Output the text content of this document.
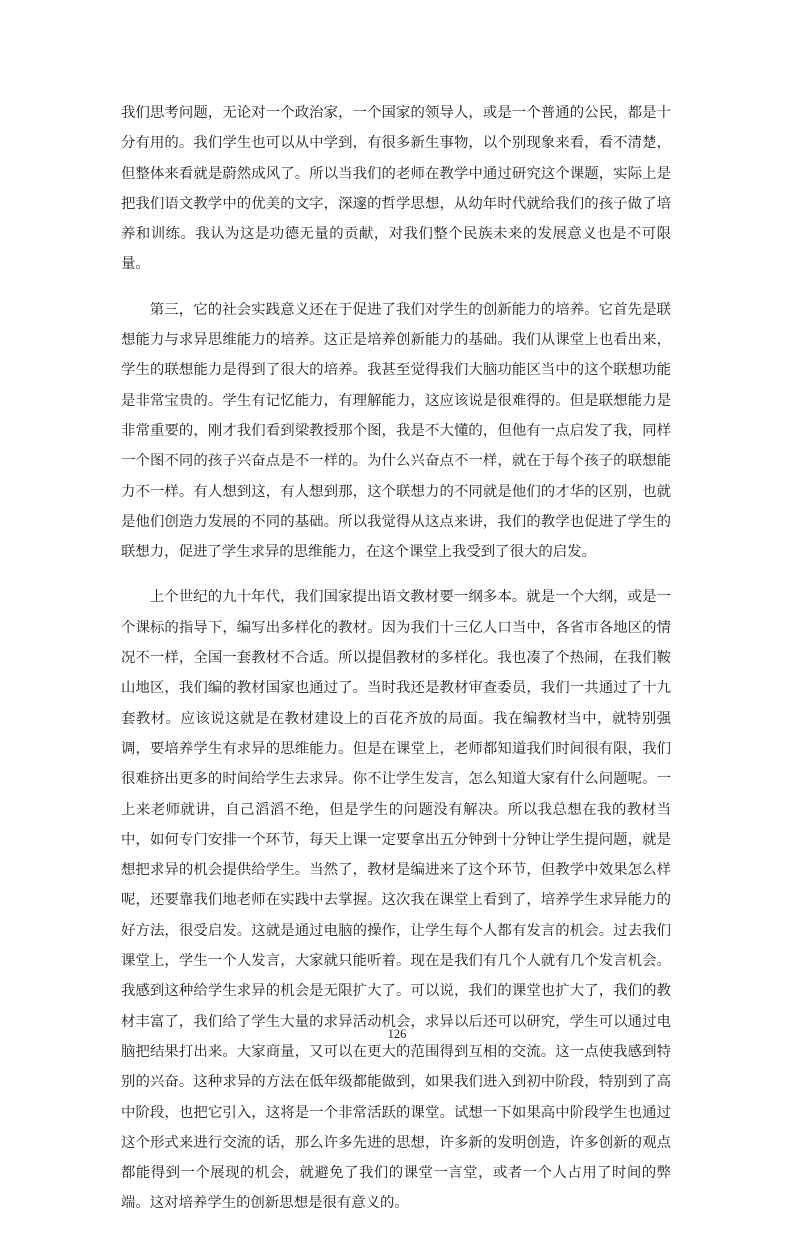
我们思考问题，无论对一个政治家，一个国家的领导人，或是一个普通的公民，都是十分有用的。我们学生也可以从中学到，有很多新生事物，以个别现象来看，看不清楚，但整体来看就是蔚然成风了。所以当我们的老师在教学中通过研究这个课题，实际上是把我们语文教学中的优美的文字，深邃的哲学思想，从幼年时代就给我们的孩子做了培养和训练。我认为这是功德无量的贡献，对我们整个民族未来的发展意义也是不可限量。

第三，它的社会实践意义还在于促进了我们对学生的创新能力的培养。它首先是联想能力与求异思维能力的培养。这正是培养创新能力的基础。我们从课堂上也看出来，学生的联想能力是得到了很大的培养。我甚至觉得我们大脑功能区当中的这个联想功能是非常宝贵的。学生有记忆能力，有理解能力，这应该说是很难得的。但是联想能力是非常重要的，刚才我们看到梁教授那个图，我是不大懂的，但他有一点启发了我，同样一个图不同的孩子兴奋点是不一样的。为什么兴奋点不一样，就在于每个孩子的联想能力不一样。有人想到这，有人想到那，这个联想力的不同就是他们的才华的区别，也就是他们创造力发展的不同的基础。所以我觉得从这点来讲，我们的教学也促进了学生的联想力，促进了学生求异的思维能力，在这个课堂上我受到了很大的启发。

上个世纪的九十年代，我们国家提出语文教材要一纲多本。就是一个大纲，或是一个课标的指导下，编写出多样化的教材。因为我们十三亿人口当中，各省市各地区的情况不一样，全国一套教材不合适。所以提倡教材的多样化。我也凑了个热闹，在我们鞍山地区，我们编的教材国家也通过了。当时我还是教材审查委员，我们一共通过了十九套教材。应该说这就是在教材建设上的百花齐放的局面。我在编教材当中，就特别强调，要培养学生有求异的思维能力。但是在课堂上，老师都知道我们时间很有限，我们很难挤出更多的时间给学生去求异。你不让学生发言，怎么知道大家有什么问题呢。一上来老师就讲，自己滔滔不绝，但是学生的问题没有解决。所以我总想在我的教材当中，如何专门安排一个环节，每天上课一定要拿出五分钟到十分钟让学生提问题，就是想把求异的机会提供给学生。当然了，教材是编进来了这个环节，但教学中效果怎么样呢，还要靠我们地老师在实践中去掌握。这次我在课堂上看到了，培养学生求异能力的好方法，很受启发。这就是通过电脑的操作，让学生每个人都有发言的机会。过去我们课堂上，学生一个人发言，大家就只能听着。现在是我们有几个人就有几个发言机会。我感到这种给学生求异的机会是无限扩大了。可以说，我们的课堂也扩大了，我们的教材丰富了，我们给了学生大量的求异活动机会，求异以后还可以研究，学生可以通过电脑把结果打出来。大家商量，又可以在更大的范围得到互相的交流。这一点使我感到特别的兴奋。这种求异的方法在低年级都能做到，如果我们进入到初中阶段，特别到了高中阶段，也把它引入，这将是一个非常活跃的课堂。试想一下如果高中阶段学生也通过这个形式来进行交流的话，那么许多先进的思想，许多新的发明创造，许多创新的观点都能得到一个展现的机会，就避免了我们的课堂一言堂，或者一个人占用了时间的弊端。这对培养学生的创新思想是很有意义的。

126
